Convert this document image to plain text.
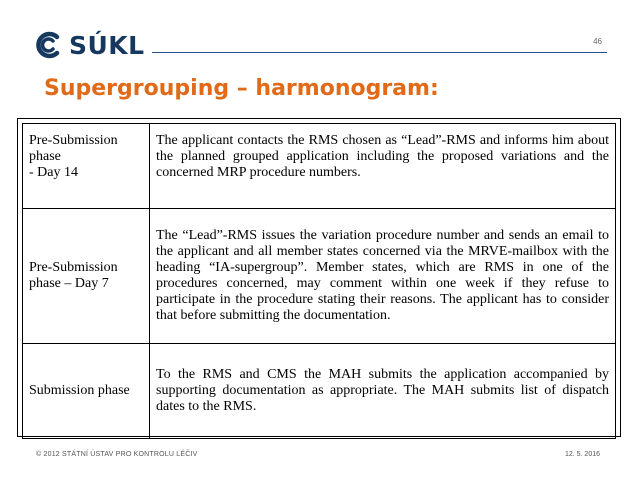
SÚKL	46
Supergrouping – harmonogram:
Pre-Submission
phase
- Day 14	The applicant contacts the RMS chosen as “Lead”-RMS and informs him about the planned grouped application including the proposed variations and the concerned MRP procedure numbers.
Pre-Submission
phase – Day 7	The “Lead”-RMS issues the variation procedure number and sends an email to the applicant and all member states concerned via the MRVE-mailbox with the heading “IA-supergroup”. Member states, which are RMS in one of the procedures concerned, may comment within one week if they refuse to participate in the procedure stating their reasons. The applicant has to consider that before submitting the documentation.
Submission phase	To the RMS and CMS the MAH submits the application accompanied by supporting documentation as appropriate. The MAH submits list of dispatch dates to the RMS.
© 2012 STÁTNÍ ÚSTAV PRO KONTROLU LÉČIV	12. 5. 2016
